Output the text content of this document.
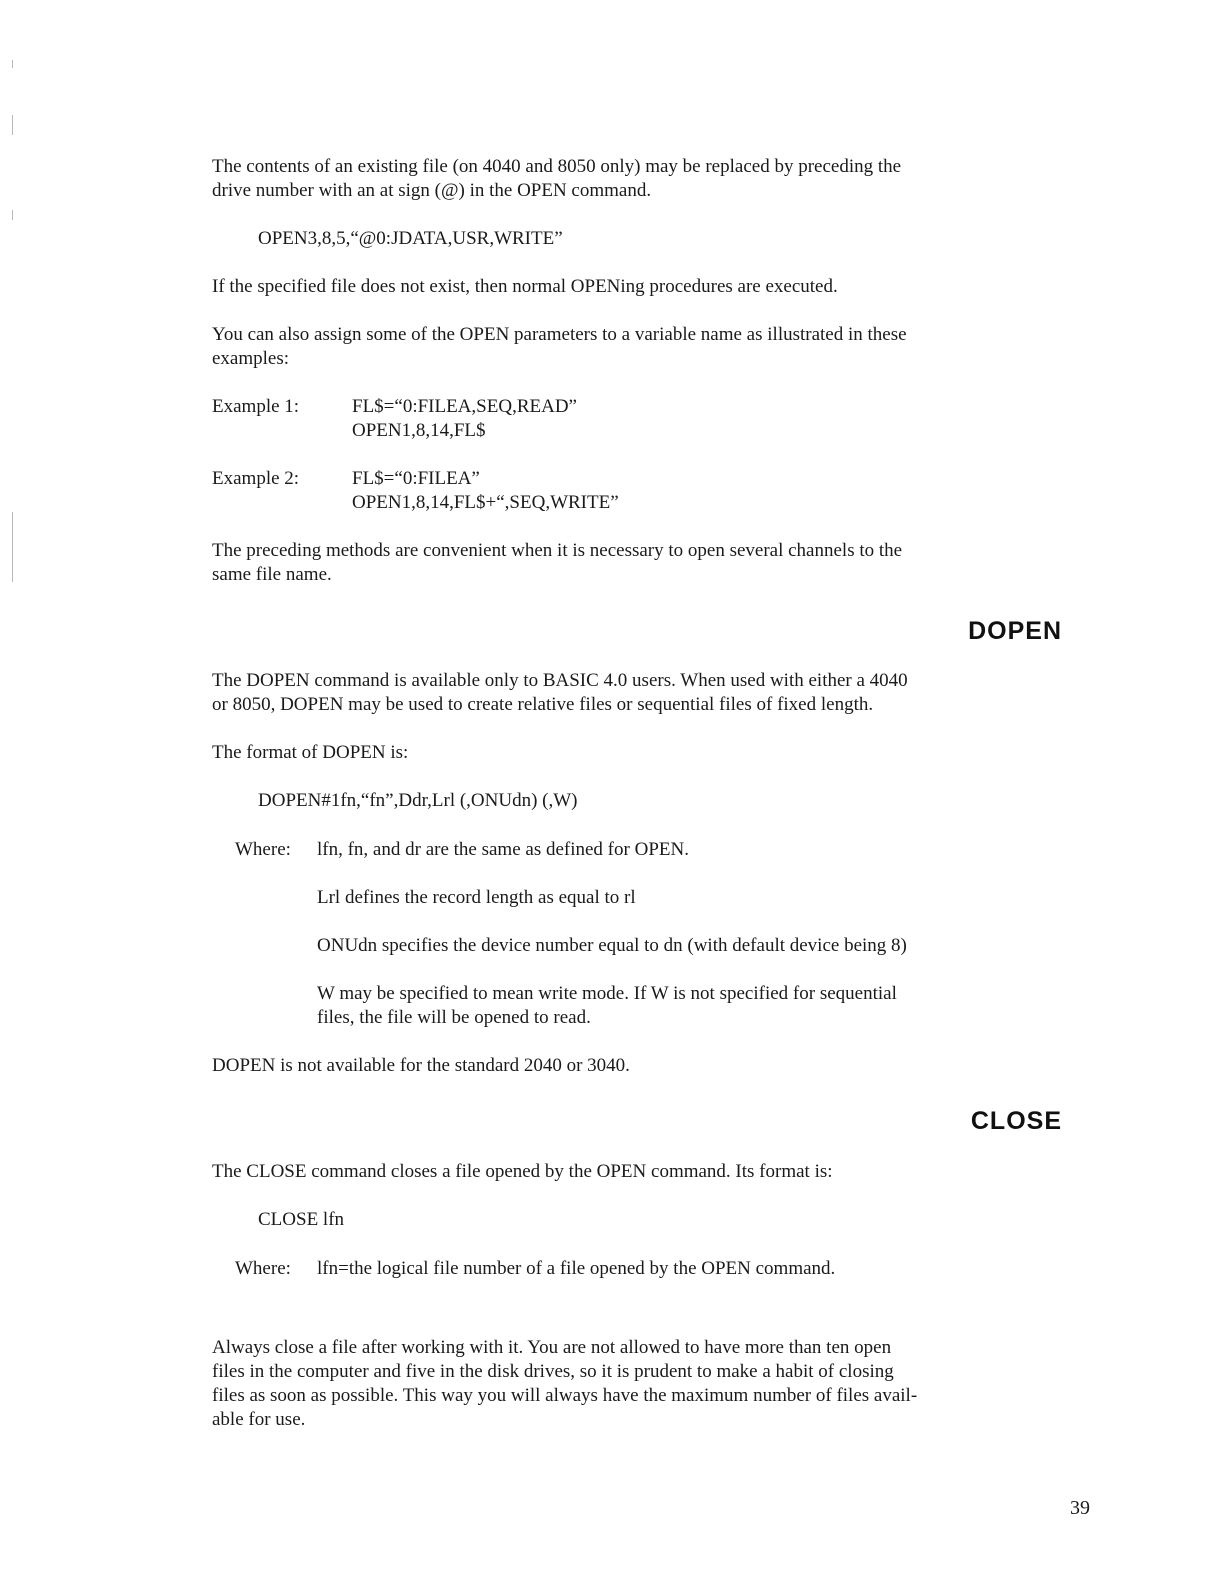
The contents of an existing file (on 4040 and 8050 only) may be replaced by preceding the
drive number with an at sign (@) in the OPEN command.
OPEN3,8,5,“@0:JDATA,USR,WRITE”
If the specified file does not exist, then normal OPENing procedures are executed.
You can also assign some of the OPEN parameters to a variable name as illustrated in these
examples:
Example 1:	FL$=“0:FILEA,SEQ,READ”
OPEN1,8,14,FL$
Example 2:	FL$=“0:FILEA”
OPEN1,8,14,FL$+“,SEQ,WRITE”
The preceding methods are convenient when it is necessary to open several channels to the
same file name.
DOPEN
The DOPEN command is available only to BASIC 4.0 users. When used with either a 4040
or 8050, DOPEN may be used to create relative files or sequential files of fixed length.
The format of DOPEN is:
DOPEN#1fn,“fn”,Ddr,Lrl (,ONUdn) (,W)
Where: lfn, fn, and dr are the same as defined for OPEN.
Lrl defines the record length as equal to rl
ONUdn specifies the device number equal to dn (with default device being 8)
W may be specified to mean write mode. If W is not specified for sequential
files, the file will be opened to read.
DOPEN is not available for the standard 2040 or 3040.
CLOSE
The CLOSE command closes a file opened by the OPEN command. Its format is:
CLOSE lfn
Where: lfn=the logical file number of a file opened by the OPEN command.
Always close a file after working with it. You are not allowed to have more than ten open
files in the computer and five in the disk drives, so it is prudent to make a habit of closing
files as soon as possible. This way you will always have the maximum number of files avail-
able for use.
39
